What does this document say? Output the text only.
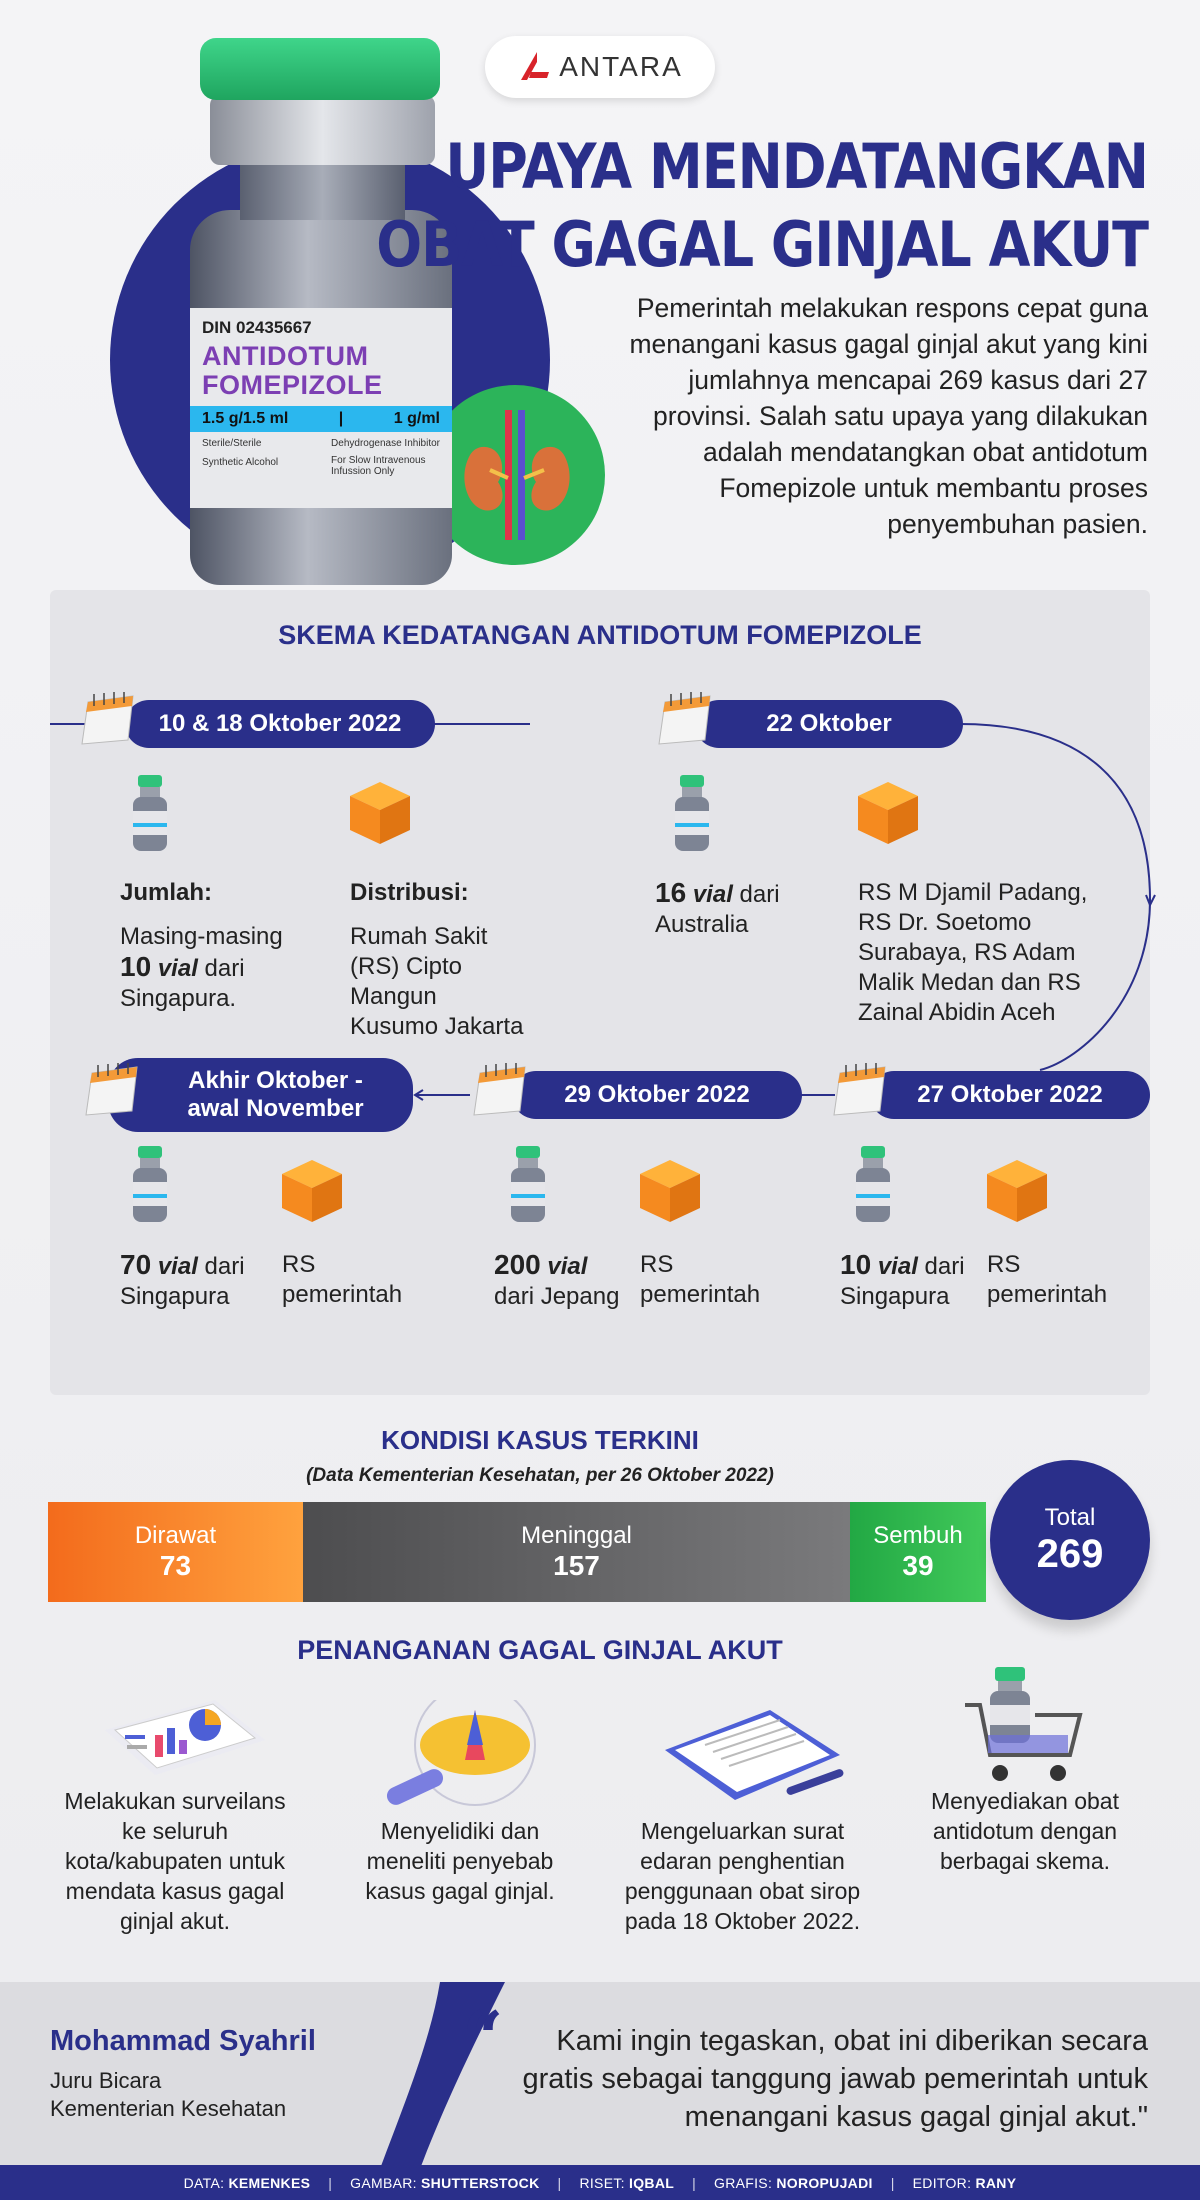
DIN 02435667
ANTIDOTUM
FOMEPIZOLE
1.5 g/1.5 ml	|	1 g/ml
Sterile/Sterile
Synthetic Alcohol
Dehydrogenase Inhibitor
For Slow Intravenous
Infussion Only
ANTARA
UPAYA MENDATANGKAN
OBAT GAGAL GINJAL AKUT
Pemerintah melakukan respons cepat guna menangani kasus gagal ginjal akut yang kini jumlahnya mencapai 269 kasus dari 27 provinsi. Salah satu upaya yang dilakukan adalah mendatangkan obat antidotum Fomepizole untuk membantu proses penyembuhan pasien.
SKEMA KEDATANGAN ANTIDOTUM FOMEPIZOLE
10 & 18 Oktober 2022
Jumlah:
Masing-masing
10 vial dari Singapura.
Distribusi:
Rumah Sakit (RS) Cipto Mangun Kusumo Jakarta
22 Oktober
16 vial dari Australia
RS M Djamil Padang, RS Dr. Soetomo Surabaya, RS Adam Malik Medan dan RS Zainal Abidin Aceh
27 Oktober 2022
10 vial dari Singapura
RS pemerintah
29 Oktober 2022
200 vial dari Jepang
RS pemerintah
Akhir Oktober - awal November
70 vial dari Singapura
RS pemerintah
KONDISI KASUS TERKINI
(Data Kementerian Kesehatan, per 26 Oktober 2022)
Dirawat
73
Meninggal
157
Sembuh
39
Total
269
PENANGANAN GAGAL GINJAL AKUT
Melakukan surveilans ke seluruh kota/kabupaten untuk mendata kasus gagal ginjal akut.
Menyelidiki dan meneliti penyebab kasus gagal ginjal.
Mengeluarkan surat edaran penghentian penggunaan obat sirop pada 18 Oktober 2022.
Menyediakan obat antidotum dengan berbagai skema.
Mohammad Syahril
Juru Bicara
Kementerian Kesehatan
“	Kami ingin tegaskan, obat ini diberikan secara
gratis sebagai tanggung jawab pemerintah untuk
menangani kasus gagal ginjal akut."
DATA: KEMENKES | GAMBAR: SHUTTERSTOCK | RISET: IQBAL | GRAFIS: NOROPUJADI | EDITOR: RANY
